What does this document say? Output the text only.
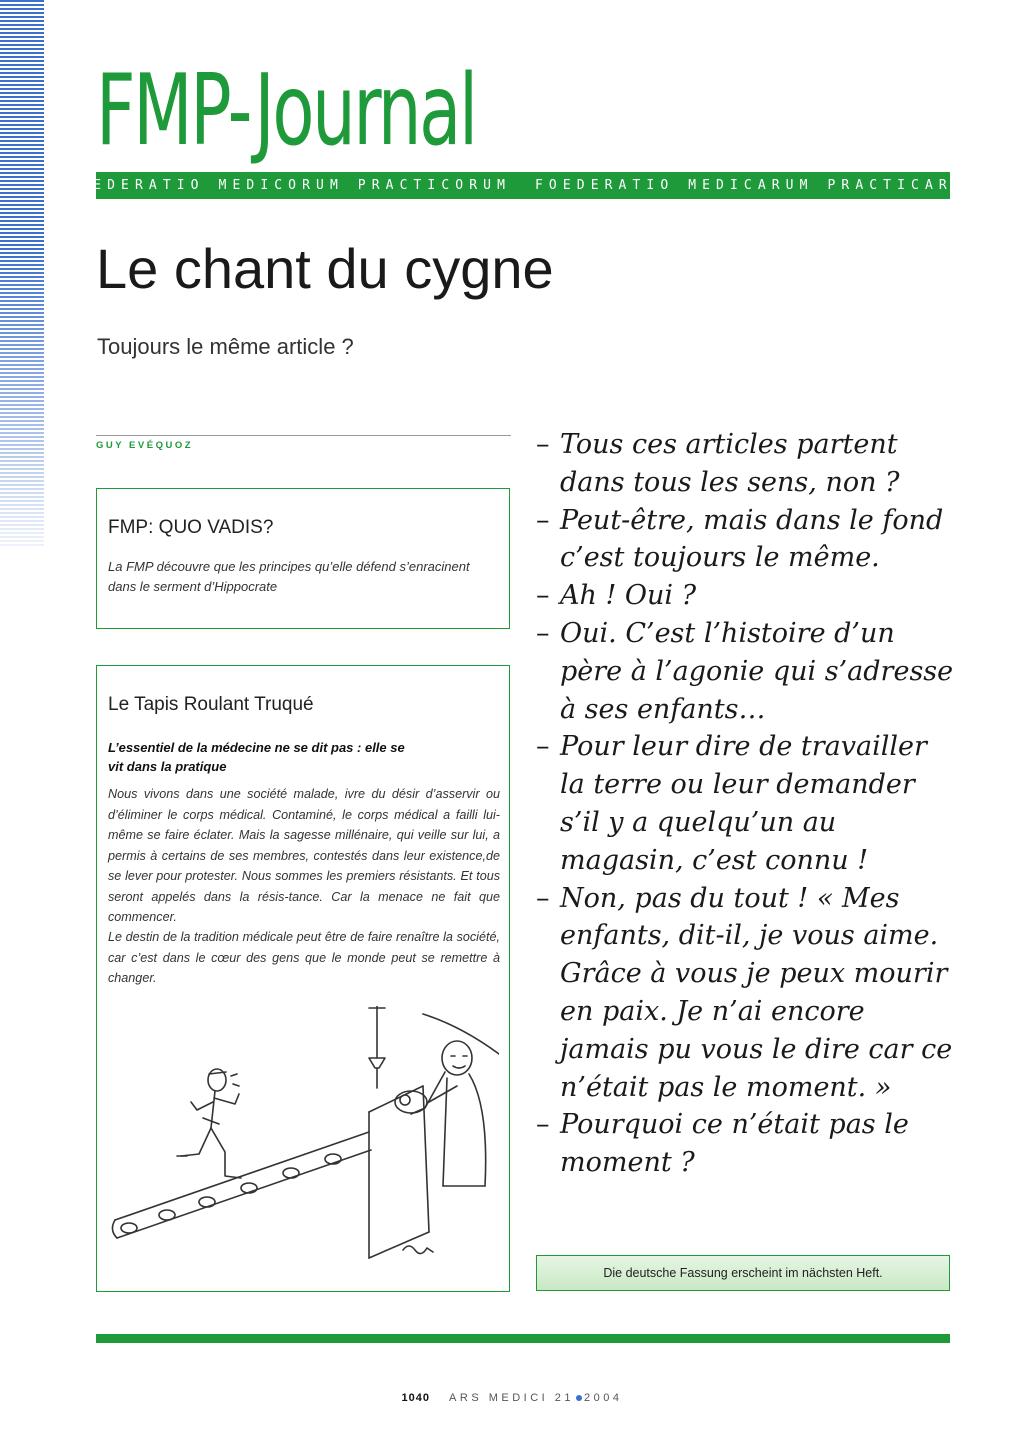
FMP-Journal
FOEDERATIO MEDICORUM PRACTICORUM FOEDERATIO MEDICARUM PRACTICARUM
Le chant du cygne
Toujours le même article ?
GUY EVÉQUOZ
FMP: QUO VADIS?
La FMP découvre que les principes qu’elle défend s’enracinent dans le serment d’Hippocrate
Le Tapis Roulant Truqué
L’essentiel de la médecine ne se dit pas : elle se vit dans la pratique
Nous vivons dans une société malade, ivre du désir d’asservir ou d’éliminer le corps médical. Contaminé, le corps médical a failli lui-même se faire éclater. Mais la sagesse millénaire, qui veille sur lui, a permis à certains de ses membres, contestés dans leur existence,de se lever pour protester. Nous sommes les premiers résistants. Et tous seront appelés dans la résis-tance. Car la menace ne fait que commencer.
Le destin de la tradition médicale peut être de faire renaître la société, car c’est dans le cœur des gens que le monde peut se remettre à changer.
– Tous ces articles partent dans tous les sens, non ?
– Peut-être, mais dans le fond c’est toujours le même.
– Ah ! Oui ?
– Oui. C’est l’histoire d’un père à l’agonie qui s’adresse à ses enfants…
– Pour leur dire de travailler la terre ou leur demander s’il y a quelqu’un au magasin, c’est connu !
– Non, pas du tout ! « Mes enfants, dit-il, je vous aime. Grâce à vous je peux mourir en paix. Je n’ai encore jamais pu vous le dire car ce n’était pas le moment. »
– Pourquoi ce n’était pas le moment ?
Die deutsche Fassung erscheint im nächsten Heft.
1040 ARS MEDICI 21 2004
